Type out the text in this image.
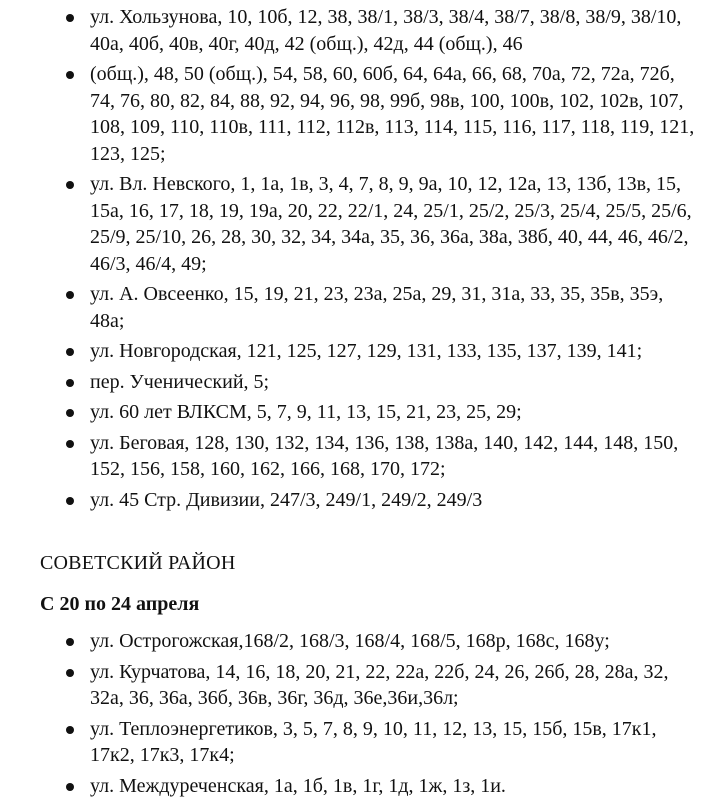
ул. Хользунова, 10, 10б, 12, 38, 38/1, 38/3, 38/4, 38/7, 38/8, 38/9, 38/10, 40а, 40б, 40в, 40г, 40д, 42 (общ.), 42д, 44 (общ.), 46
(общ.), 48, 50 (общ.), 54, 58, 60, 60б, 64, 64а, 66, 68, 70а, 72, 72а, 72б, 74, 76, 80, 82, 84, 88, 92, 94, 96, 98, 99б, 98в, 100, 100в, 102, 102в, 107, 108, 109, 110, 110в, 111, 112, 112в, 113, 114, 115, 116, 117, 118, 119, 121, 123, 125;
ул. Вл. Невского, 1, 1а, 1в, 3, 4, 7, 8, 9, 9а, 10, 12, 12а, 13, 13б, 13в, 15, 15а, 16, 17, 18, 19, 19а, 20, 22, 22/1, 24, 25/1, 25/2, 25/3, 25/4, 25/5, 25/6, 25/9, 25/10, 26, 28, 30, 32, 34, 34а, 35, 36, 36а, 38а, 38б, 40, 44, 46, 46/2, 46/3, 46/4, 49;
ул. А. Овсеенко, 15, 19, 21, 23, 23а, 25а, 29, 31, 31а, 33, 35, 35в, 35э, 48а;
ул. Новгородская, 121, 125, 127, 129, 131, 133, 135, 137, 139, 141;
пер. Ученический, 5;
ул. 60 лет ВЛКСМ, 5, 7, 9, 11, 13, 15, 21, 23, 25, 29;
ул. Беговая, 128, 130, 132, 134, 136, 138, 138а, 140, 142, 144, 148, 150, 152, 156, 158, 160, 162, 166, 168, 170, 172;
ул. 45 Стр. Дивизии, 247/3, 249/1, 249/2, 249/3
СОВЕТСКИЙ РАЙОН
С 20 по 24 апреля
ул. Острогожская,168/2, 168/3, 168/4, 168/5, 168р, 168с, 168у;
ул. Курчатова, 14, 16, 18, 20, 21, 22, 22а, 22б, 24, 26, 26б, 28, 28а, 32, 32а, 36, 36а, 36б, 36в, 36г, 36д, 36е,36и,36л;
ул. Теплоэнергетиков, 3, 5, 7, 8, 9, 10, 11, 12, 13, 15, 15б, 15в, 17к1, 17к2, 17к3, 17к4;
ул. Междуреченская, 1а, 1б, 1в, 1г, 1д, 1ж, 1з, 1и.
